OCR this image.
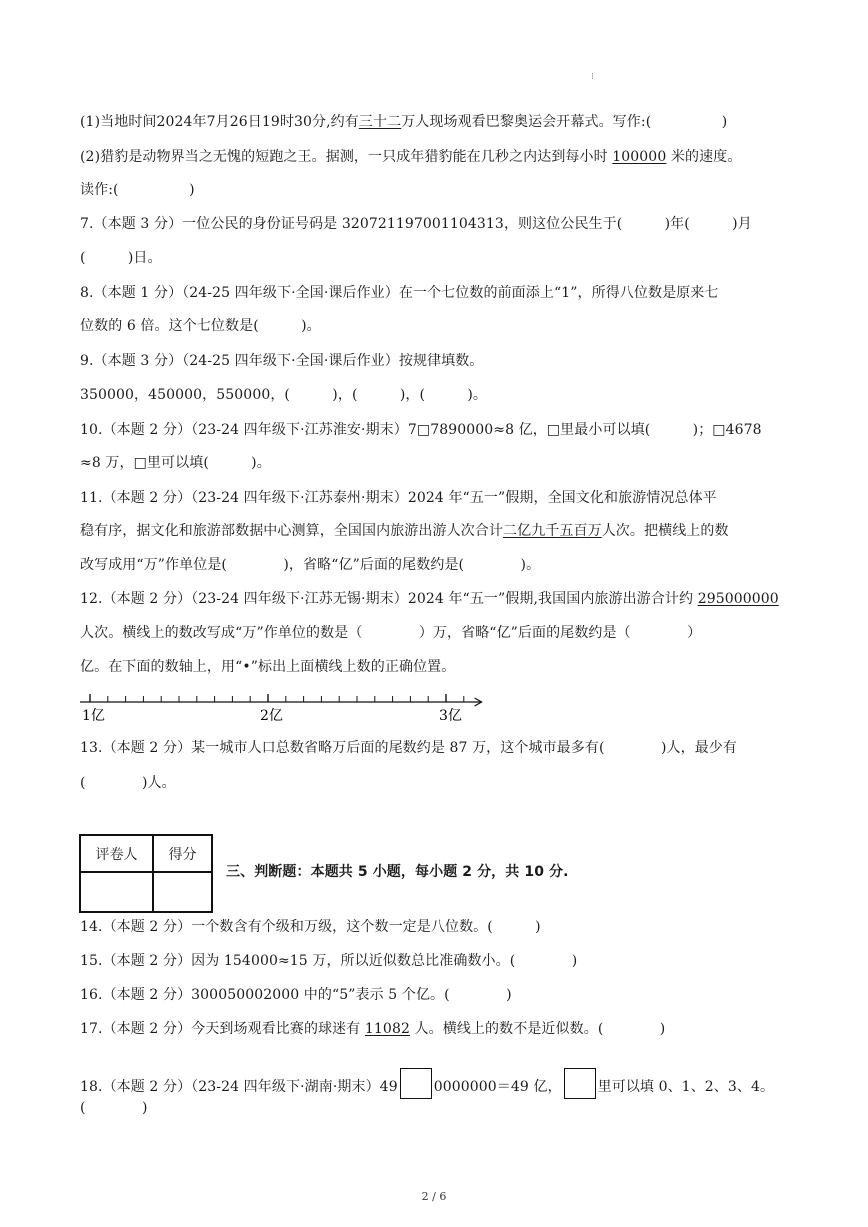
⁝
(1)当地时间2024年7月26日19时30分,约有三十二万人现场观看巴黎奥运会开幕式。写作:(　　　　　)
(2)猎豹是动物界当之无愧的短跑之王。据测，一只成年猎豹能在几秒之内达到每小时 100000 米的速度。
读作:(　　　　　)
7.（本题 3 分）一位公民的身份证号码是 320721197001104313，则这位公民生于(　　　)年(　　　)月
(　　　)日。
8.（本题 1 分）（24-25 四年级下·全国·课后作业）在一个七位数的前面添上“1”，所得八位数是原来七
位数的 6 倍。这个七位数是(　　　)。
9.（本题 3 分）（24-25 四年级下·全国·课后作业）按规律填数。
350000，450000，550000，(　　　)，(　　　)，(　　　)。
10.（本题 2 分）（23-24 四年级下·江苏淮安·期末）7□7890000≈8 亿，□里最小可以填(　　　)；□4678
≈8 万，□里可以填(　　　)。
11.（本题 2 分）（23-24 四年级下·江苏泰州·期末）2024 年“五一”假期，全国文化和旅游情况总体平
稳有序，据文化和旅游部数据中心测算，全国国内旅游出游人次合计二亿九千五百万人次。把横线上的数
改写成用“万”作单位是(　　　　)，省略“亿”后面的尾数约是(　　　　)。
12.（本题 2 分）（23-24 四年级下·江苏无锡·期末）2024 年“五一”假期,我国国内旅游出游合计约 295000000
人次。横线上的数改写成“万”作单位的数是（　　　　）万，省略“亿”后面的尾数约是（　　　　）
亿。在下面的数轴上，用“•”标出上面横线上数的正确位置。
1亿	2亿	3亿
13.（本题 2 分）某一城市人口总数省略万后面的尾数约是 87 万，这个城市最多有(　　　　)人，最少有
(　　　　)人。
评卷人	得分

三、判断题：本题共 5 小题，每小题 2 分，共 10 分.
14.（本题 2 分）一个数含有个级和万级，这个数一定是八位数。(　　　)
15.（本题 2 分）因为 154000≈15 万，所以近似数总比准确数小。(　　　　)
16.（本题 2 分）300050002000 中的“5”表示 5 个亿。(　　　　)
17.（本题 2 分）今天到场观看比赛的球迷有 11082 人。横线上的数不是近似数。(　　　　)
18.（本题 2 分）（23-24 四年级下·湖南·期末）49	0000000＝49 亿，	里可以填 0、1、2、3、4。
(　　　　)
2 / 6
